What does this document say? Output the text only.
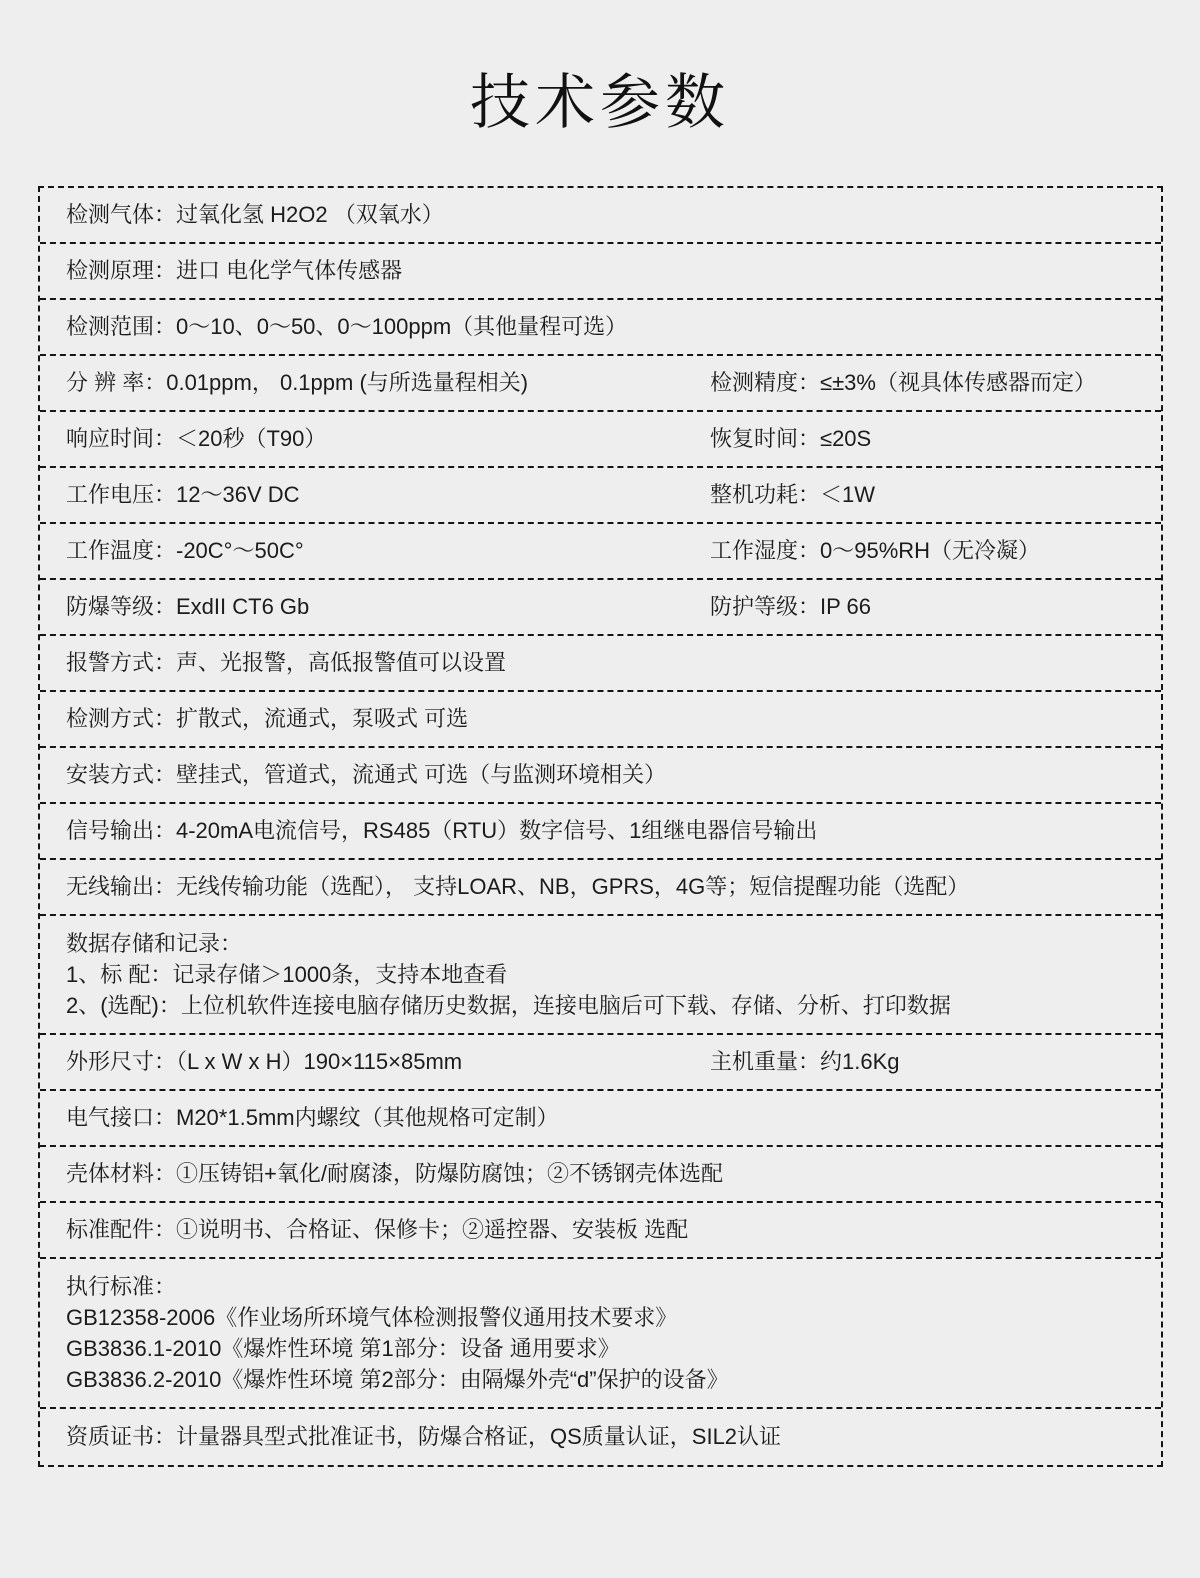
技术参数
检测气体：过氧化氢 H2O2 （双氧水）
检测原理：进口 电化学气体传感器
检测范围：0～10、0～50、0～100ppm（其他量程可选）
分 辨 率：0.01ppm， 0.1ppm (与所选量程相关)	检测精度：≤±3%（视具体传感器而定）
响应时间：＜20秒（T90）	恢复时间：≤20S
工作电压：12～36V DC	整机功耗：＜1W
工作温度：-20C°～50C°	工作湿度：0～95%RH（无冷凝）
防爆等级：ExdII CT6 Gb	防护等级：IP 66
报警方式：声、光报警，高低报警值可以设置
检测方式：扩散式，流通式，泵吸式 可选
安装方式：壁挂式，管道式，流通式 可选（与监测环境相关）
信号输出：4-20mA电流信号，RS485（RTU）数字信号、1组继电器信号输出
无线输出：无线传输功能（选配）， 支持LOAR、NB，GPRS，4G等；短信提醒功能（选配）
数据存储和记录：
1、标 配：记录存储＞1000条，支持本地查看
2、(选配)：上位机软件连接电脑存储历史数据，连接电脑后可下载、存储、分析、打印数据
外形尺寸：（L x W x H）190×115×85mm	主机重量：约1.6Kg
电气接口：M20*1.5mm内螺纹（其他规格可定制）
壳体材料：①压铸铝+氧化/耐腐漆，防爆防腐蚀；②不锈钢壳体选配
标准配件：①说明书、合格证、保修卡；②遥控器、安装板 选配
执行标准：
GB12358-2006《作业场所环境气体检测报警仪通用技术要求》
GB3836.1-2010《爆炸性环境 第1部分：设备 通用要求》
GB3836.2-2010《爆炸性环境 第2部分：由隔爆外壳“d”保护的设备》
资质证书：计量器具型式批准证书，防爆合格证，QS质量认证，SIL2认证
